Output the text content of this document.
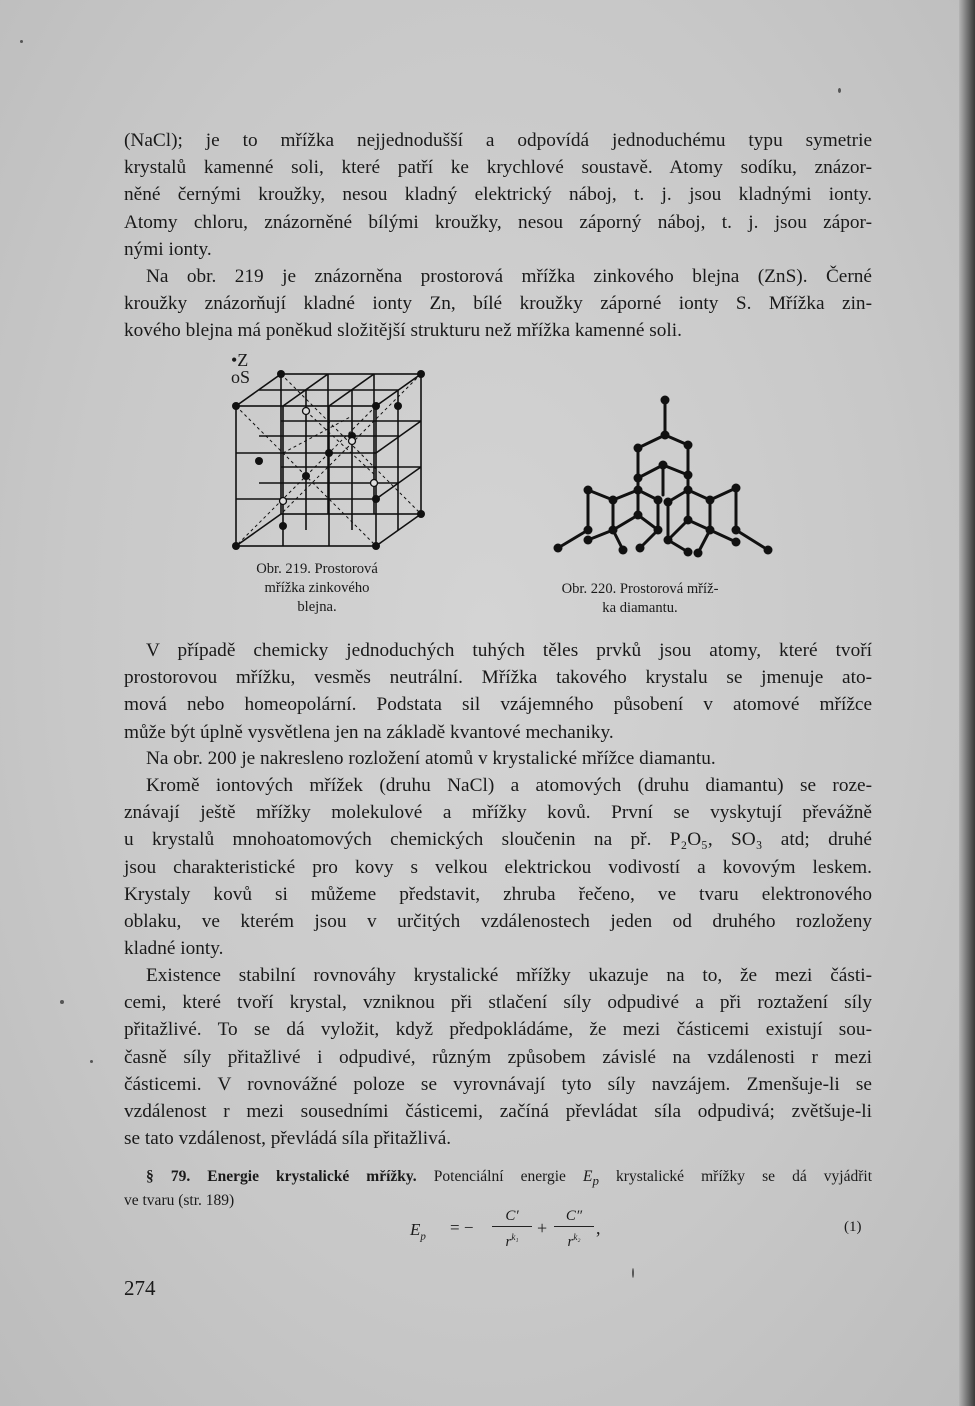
(NaCl); je to mřížka nejjednodušší a odpovídá jednoduchému typu symetrie
krystalů kamenné soli, které patří ke krychlové soustavě. Atomy sodíku, znázor-
něné černými kroužky, nesou kladný elektrický náboj, t. j. jsou kladnými ionty.
Atomy chloru, znázorněné bílými kroužky, nesou záporný náboj, t. j. jsou zápor-
nými ionty.

Na obr. 219 je znázorněna prostorová mřížka zinkového blejna (ZnS). Černé
kroužky znázorňují kladné ionty Zn, bílé kroužky záporné ionty S. Mřížka zin-
kového blejna má poněkud složitější strukturu než mřížka kamenné soli.

•Z
oS

Obr. 219. Prostorová
mřížka zinkového
blejna.

Obr. 220. Prostorová mříž-
ka diamantu.

V případě chemicky jednoduchých tuhých těles prvků jsou atomy, které tvoří
prostorovou mřížku, vesměs neutrální. Mřížka takového krystalu se jmenuje ato-
mová nebo homeopolární. Podstata sil vzájemného působení v atomové mřížce
může být úplně vysvětlena jen na základě kvantové mechaniky.

Na obr. 200 je nakresleno rozložení atomů v krystalické mřížce diamantu.

Kromě iontových mřížek (druhu NaCl) a atomových (druhu diamantu) se roze-
znávají ještě mřížky molekulové a mřížky kovů. První se vyskytují převážně
u krystalů mnohoatomových chemických sloučenin na př. P₂O₅, SO₃ atd; druhé
jsou charakteristické pro kovy s velkou elektrickou vodivostí a kovovým leskem.
Krystaly kovů si můžeme představit, zhruba řečeno, ve tvaru elektronového
oblaku, ve kterém jsou v určitých vzdálenostech jeden od druhého rozloženy
kladné ionty.

Existence stabilní rovnováhy krystalické mřížky ukazuje na to, že mezi části-
cemi, které tvoří krystal, vzniknou při stlačení síly odpudivé a při roztažení síly
přitažlivé. To se dá vyložit, když předpokládáme, že mezi částicemi existují sou-
časně síly přitažlivé i odpudivé, různým způsobem závislé na vzdálenosti r mezi
částicemi. V rovnovážné poloze se vyrovnávají tyto síly navzájem. Zmenšuje-li se
vzdálenost r mezi sousedními částicemi, začíná převládat síla odpudivá; zvětšuje-li
se tato vzdálenost, převládá síla přitažlivá.

§ 79. Energie krystalické mřížky. Potenciální energie $E_p$ krystalické mřížky se dá vyjádřit
ve tvaru (str. 189)

$E_p$ = − $\frac{C'}{r^{k_1}} + \frac{C''}{r^{k_2}}$ ,	(1)
274
